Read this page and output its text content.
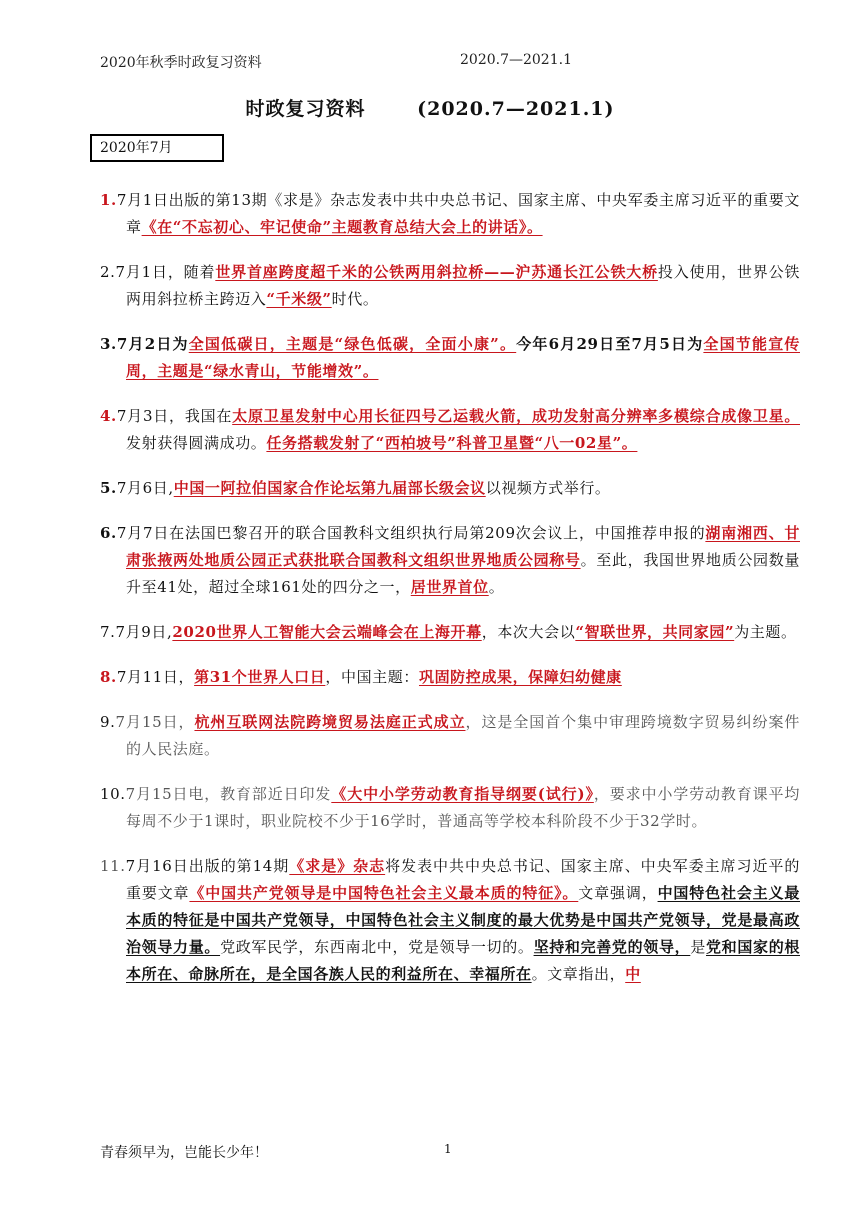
2020年秋季时政复习资料	2020.7—2021.1
时政复习资料	(2020.7—2021.1)
2020年7月

1.7月1日出版的第13期《求是》杂志发表中共中央总书记、国家主席、中央军委主席习近平的重要文章《在“不忘初心、牢记使命”主题教育总结大会上的讲话》。

2.7月1日，随着世界首座跨度超千米的公铁两用斜拉桥——沪苏通长江公铁大桥投入使用，世界公铁两用斜拉桥主跨迈入“千米级”时代。

3.7月2日为全国低碳日，主题是“绿色低碳，全面小康”。今年6月29日至7月5日为全国节能宣传周，主题是“绿水青山，节能增效”。

4.7月3日，我国在太原卫星发射中心用长征四号乙运载火箭，成功发射高分辨率多模综合成像卫星。发射获得圆满成功。任务搭载发射了“西柏坡号”科普卫星暨“八一02星”。

5.7月6日,中国一阿拉伯国家合作论坛第九届部长级会议以视频方式举行。

6.7月7日在法国巴黎召开的联合国教科文组织执行局第209次会议上，中国推荐申报的湖南湘西、甘肃张掖两处地质公园正式获批联合国教科文组织世界地质公园称号。至此，我国世界地质公园数量升至41处，超过全球161处的四分之一，居世界首位。

7.7月9日,2020世界人工智能大会云端峰会在上海开幕，本次大会以“智联世界，共同家园”为主题。

8.7月11日，第31个世界人口日，中国主题：巩固防控成果，保障妇幼健康

9.7月15日，杭州互联网法院跨境贸易法庭正式成立，这是全国首个集中审理跨境数字贸易纠纷案件的人民法庭。

10.7月15日电，教育部近日印发《大中小学劳动教育指导纲要(试行)》，要求中小学劳动教育课平均每周不少于1课时，职业院校不少于16学时，普通高等学校本科阶段不少于32学时。

11.7月16日出版的第14期《求是》杂志将发表中共中央总书记、国家主席、中央军委主席习近平的重要文章《中国共产党领导是中国特色社会主义最本质的特征》。文章强调，中国特色社会主义最本质的特征是中国共产党领导，中国特色社会主义制度的最大优势是中国共产党领导，党是最高政治领导力量。党政军民学，东西南北中，党是领导一切的。坚持和完善党的领导，是党和国家的根本所在、命脉所在，是全国各族人民的利益所在、幸福所在。文章指出，中

青春须早为，岂能长少年！	1
